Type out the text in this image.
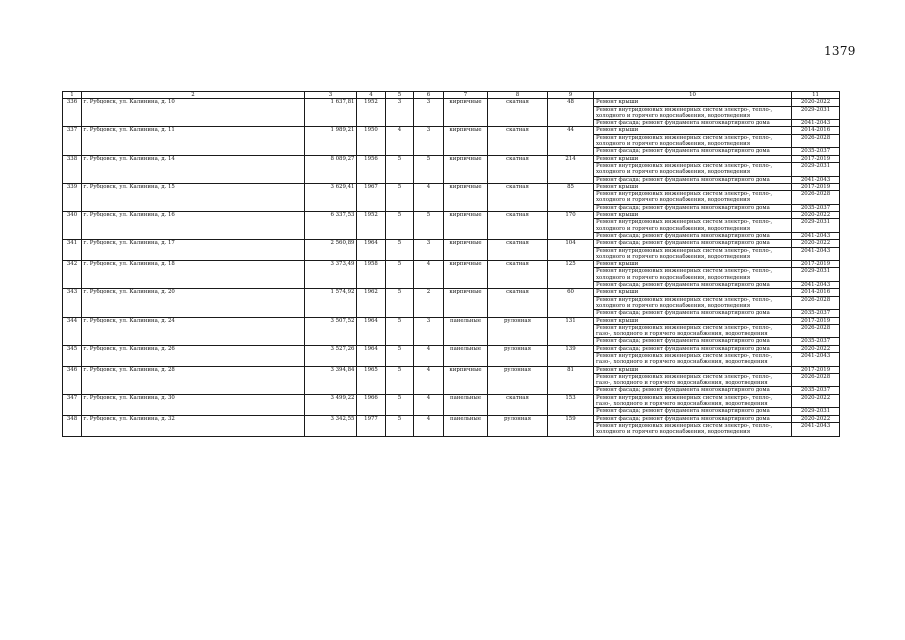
1379
1	2	3	4	5	6	7	8	9	10	11
336	г. Рубцовск, ул. Калинина, д. 10	1 637,81	1952	3	3	кирпичные	скатная	48	Ремонт крыши	2020-2022
									Ремонт внутридомовых инженерных систем электро-, тепло-, холодного и горячего водоснабжения, водоотведения	2029-2031
									Ремонт фасада; ремонт фундамента многоквартирного дома	2041-2043
337	г. Рубцовск, ул. Калинина, д. 11	1 989,21	1950	4	3	кирпичные	скатная	44	Ремонт крыши	2014-2016
									Ремонт внутридомовых инженерных систем электро-, тепло-, холодного и горячего водоснабжения, водоотведения	2026-2028
									Ремонт фасада; ремонт фундамента многоквартирного дома	2035-2037
338	г. Рубцовск, ул. Калинина, д. 14	8 089,27	1956	5	5	кирпичные	скатная	214	Ремонт крыши	2017-2019
									Ремонт внутридомовых инженерных систем электро-, тепло-, холодного и горячего водоснабжения, водоотведения	2029-2031
									Ремонт фасада; ремонт фундамента многоквартирного дома	2041-2043
339	г. Рубцовск, ул. Калинина, д. 15	3 629,41	1967	5	4	кирпичные	скатная	85	Ремонт крыши	2017-2019
									Ремонт внутридомовых инженерных систем электро-, тепло-, холодного и горячего водоснабжения, водоотведения	2026-2028
									Ремонт фасада; ремонт фундамента многоквартирного дома	2035-2037
340	г. Рубцовск, ул. Калинина, д. 16	6 337,53	1952	5	5	кирпичные	скатная	170	Ремонт крыши	2020-2022
									Ремонт внутридомовых инженерных систем электро-, тепло-, холодного и горячего водоснабжения, водоотведения	2029-2031
									Ремонт фасада; ремонт фундамента многоквартирного дома	2041-2043
341	г. Рубцовск, ул. Калинина, д. 17	2 560,89	1964	5	3	кирпичные	скатная	104	Ремонт фасада; ремонт фундамента многоквартирного дома	2020-2022
									Ремонт внутридомовых инженерных систем электро-, тепло-, холодного и горячего водоснабжения, водоотведения	2041-2043
342	г. Рубцовск, ул. Калинина, д. 18	3 373,49	1958	5	4	кирпичные	скатная	125	Ремонт крыши	2017-2019
									Ремонт внутридомовых инженерных систем электро-, тепло-, холодного и горячего водоснабжения, водоотведения	2029-2031
									Ремонт фасада; ремонт фундамента многоквартирного дома	2041-2043
343	г. Рубцовск, ул. Калинина, д. 20	1 574,92	1962	5	2	кирпичные	скатная	60	Ремонт крыши	2014-2016
									Ремонт внутридомовых инженерных систем электро-, тепло-, холодного и горячего водоснабжения, водоотведения	2026-2028
									Ремонт фасада; ремонт фундамента многоквартирного дома	2035-2037
344	г. Рубцовск, ул. Калинина, д. 24	3 507,52	1964	5	3	панельные	рулонная	131	Ремонт крыши	2017-2019
									Ремонт внутридомовых инженерных систем электро-, тепло-, газо-, холодного и горячего водоснабжения, водоотведения	2026-2028
									Ремонт фасада; ремонт фундамента многоквартирного дома	2035-2037
345	г. Рубцовск, ул. Калинина, д. 26	3 527,26	1964	5	4	панельные	рулонная	139	Ремонт фасада; ремонт фундамента многоквартирного дома	2020-2022
									Ремонт внутридомовых инженерных систем электро-, тепло-, газо-, холодного и горячего водоснабжения, водоотведения	2041-2043
346	г. Рубцовск, ул. Калинина, д. 28	3 394,84	1965	5	4	кирпичные	рулонная	81	Ремонт крыши	2017-2019
									Ремонт внутридомовых инженерных систем электро-, тепло-, газо-, холодного и горячего водоснабжения, водоотведения	2026-2028
									Ремонт фасада; ремонт фундамента многоквартирного дома	2035-2037
347	г. Рубцовск, ул. Калинина, д. 30	3 499,22	1966	5	4	панельные	скатная	153	Ремонт внутридомовых инженерных систем электро-, тепло-, газо-, холодного и горячего водоснабжения, водоотведения	2020-2022
									Ремонт фасада; ремонт фундамента многоквартирного дома	2029-2031
348	г. Рубцовск, ул. Калинина, д. 32	3 342,55	1977	5	4	панельные	рулонная	159	Ремонт фасада; ремонт фундамента многоквартирного дома	2020-2022
									Ремонт внутридомовых инженерных систем электро-, тепло-, холодного и горячего водоснабжения, водоотведения	2041-2043
